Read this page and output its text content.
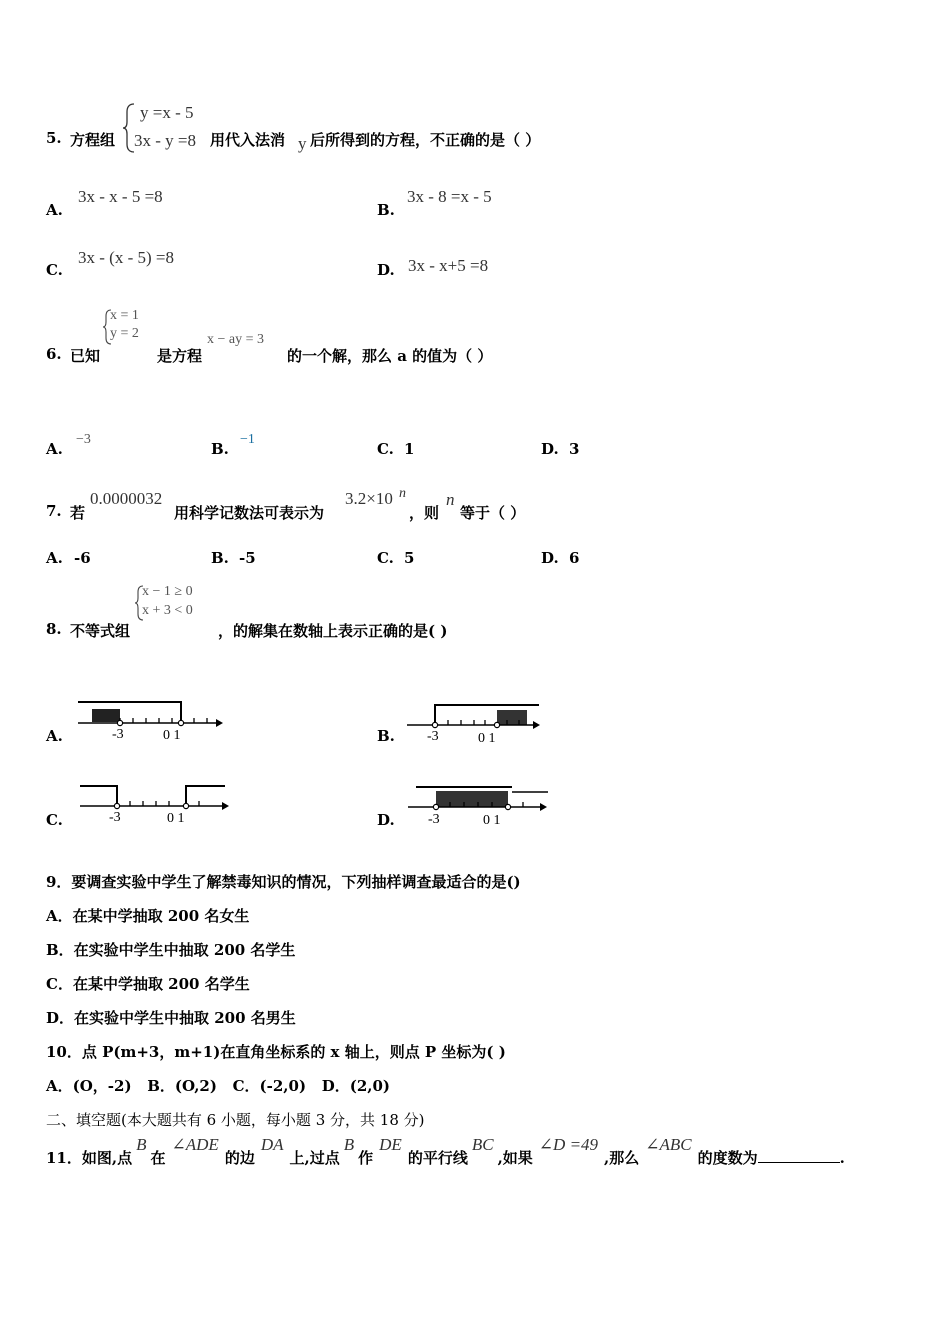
5. 方程组
y =x - 5
3x - y =8 用代入法消 y 后所得到的方程，不正确的是（ ）
A.
3x - x - 5 =8
B.
3x - 8 =x - 5
C.
3x - (x - 5) =8
D. 3x - x+5 =8
6. 已知
x = 1
y = 2
是方程
x − ay = 3
的一个解，那么 a 的值为（ ）
A.
−3
B.
−1
C. 1	D. 3
7. 若
0.0000032
用科学记数法可表示为
3.2×10 n
，则
n
等于（ ）
A. -6	B. -5	C. 5	D. 6
8. 不等式组
x − 1 ≥ 0
x + 3 < 0
，的解集在数轴上表示正确的是( )
A.	-3	0 1	B. -3	0 1
C.	-3	0 1	D. -3	0 1
9．要调查实验中学生了解禁毒知识的情况，下列抽样调查最适合的是()
A．在某中学抽取 200 名女生
B．在实验中学生中抽取 200 名学生
C．在某中学抽取 200 名学生
D．在实验中学生中抽取 200 名男生
10．点 P(m+3，m+1)在直角坐标系的 x 轴上，则点 P 坐标为( )
A．(O，-2)   B．(O,2)   C．(-2,0)   D．(2,0)
二、填空题(本大题共有 6 小题，每小题 3 分，共 18 分)
11．如图,点B在∠ADE的边DA上,过点B作DE的平行线BC,如果∠D =49,那么∠ABC的度数为	.
